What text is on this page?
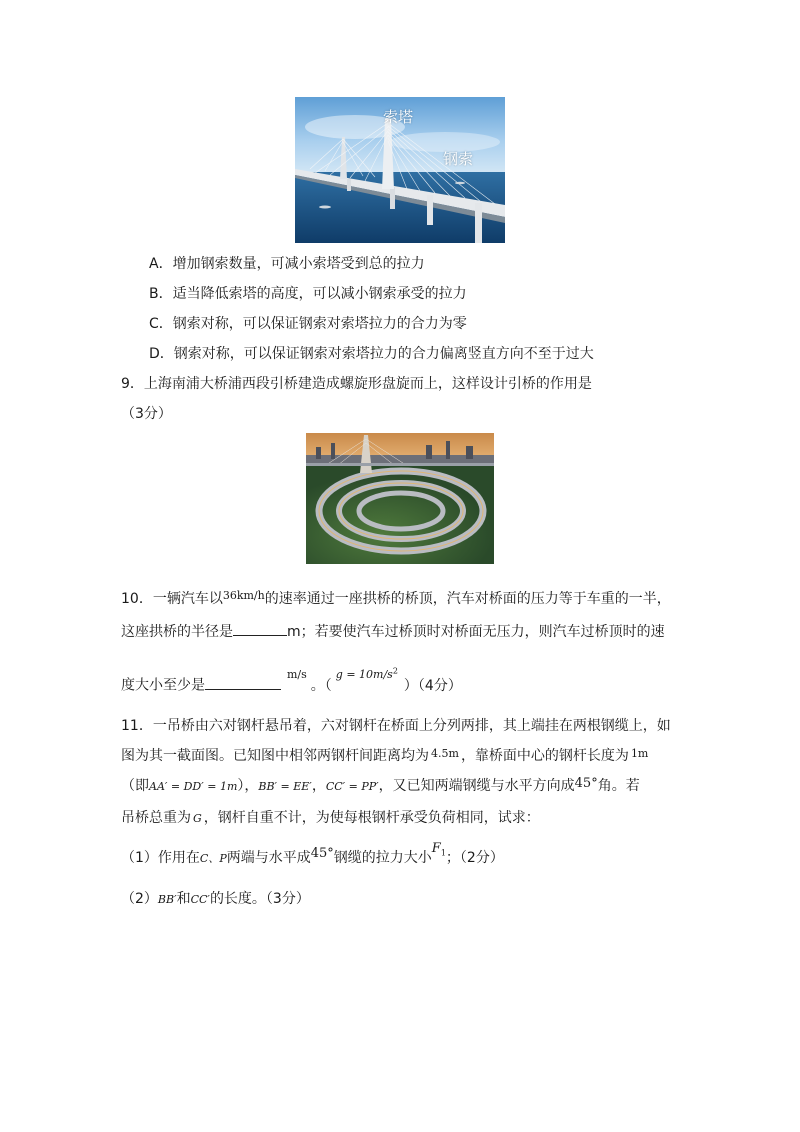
索塔
钢索
A．增加钢索数量，可减小索塔受到总的拉力
B．适当降低索塔的高度，可以减小钢索承受的拉力
C．钢索对称，可以保证钢索对索塔拉力的合力为零
D．钢索对称，可以保证钢索对索塔拉力的合力偏离竖直方向不至于过大
9．上海南浦大桥浦西段引桥建造成螺旋形盘旋而上，这样设计引桥的作用是
（3分）
10．一辆汽车以$^{36km/h}$的速率通过一座拱桥的桥顶，汽车对桥面的压力等于车重的一半，
这座拱桥的半径是	m；若要使汽车过桥顶时对桥面无压力，则汽车过桥顶时的速
度大小至少是$^{m/s}$。（$^{g = 10m/s^2}$）（4分）
11．一吊桥由六对钢杆悬吊着，六对钢杆在桥面上分列两排，其上端挂在两根钢缆上，如
图为其一截面图。已知图中相邻两钢杆间距离均为 $^{4.5m}$ ，靠桥面中心的钢杆长度为 $^{1m}$
（即AA′ = DD′ = 1m），BB′ = EE′，CC′ = PP′，又已知两端钢缆与水平方向成45°角。若
吊桥总重为 G ，钢杆自重不计，为使每根钢杆承受负荷相同，试求：
（1）作用在C、P两端与水平成45°钢缆的拉力大小$F_1$；（2分）
（2）BB′和CC′的长度。（3分）
